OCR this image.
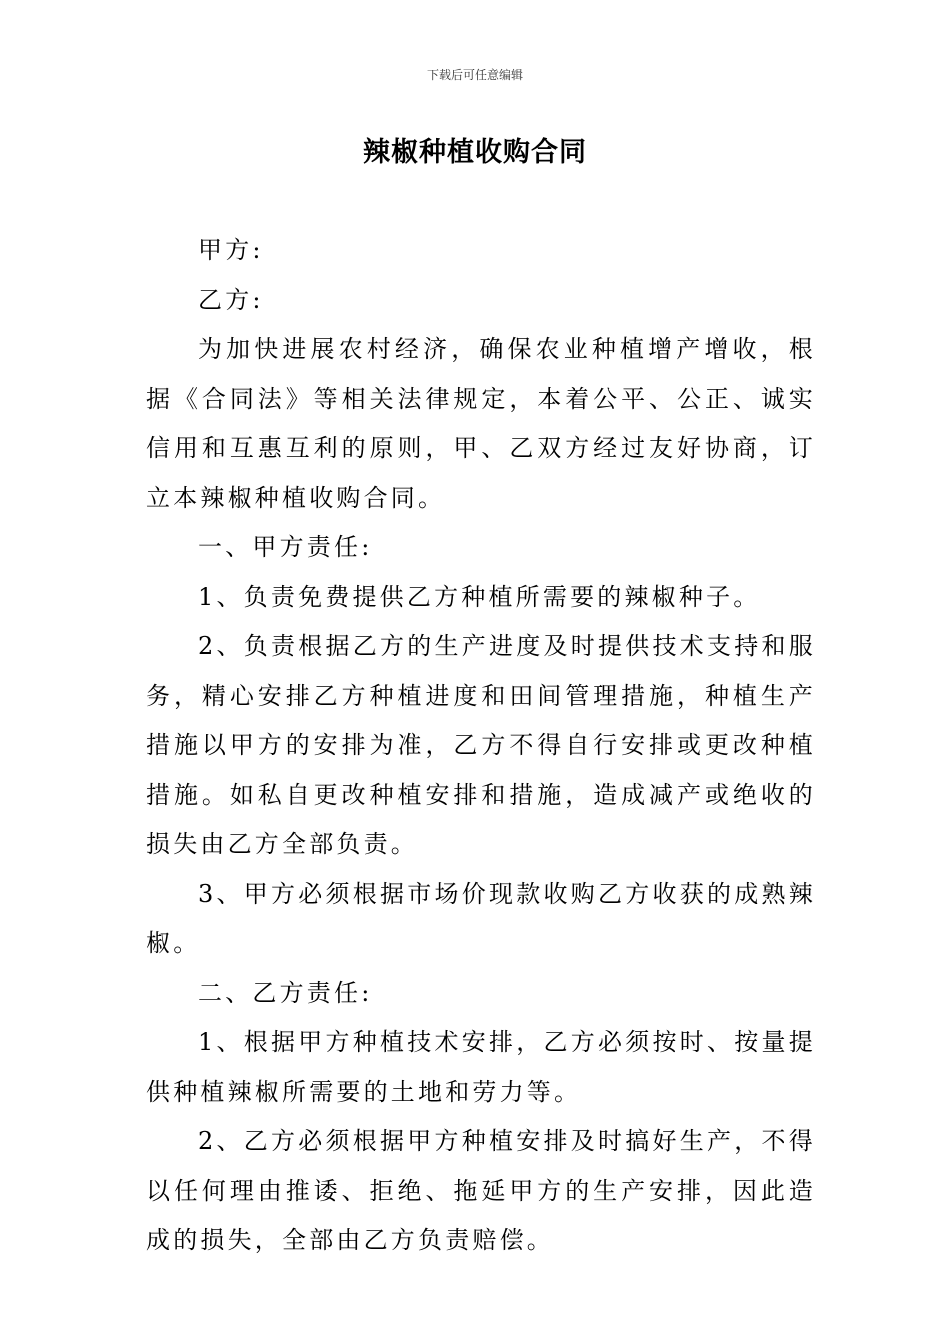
下载后可任意编辑
辣椒种植收购合同

甲方:

乙方:

为加快进展农村经济，确保农业种植增产增收，根据《合同法》等相关法律规定，本着公平、公正、诚实信用和互惠互利的原则，甲、乙双方经过友好协商，订立本辣椒种植收购合同。

一、甲方责任:

1、负责免费提供乙方种植所需要的辣椒种子。

2、负责根据乙方的生产进度及时提供技术支持和服务，精心安排乙方种植进度和田间管理措施，种植生产措施以甲方的安排为准，乙方不得自行安排或更改种植措施。如私自更改种植安排和措施，造成减产或绝收的损失由乙方全部负责。

3、甲方必须根据市场价现款收购乙方收获的成熟辣椒。

二、乙方责任:

1、根据甲方种植技术安排，乙方必须按时、按量提供种植辣椒所需要的土地和劳力等。

2、乙方必须根据甲方种植安排及时搞好生产，不得以任何理由推诿、拒绝、拖延甲方的生产安排，因此造成的损失，全部由乙方负责赔偿。
